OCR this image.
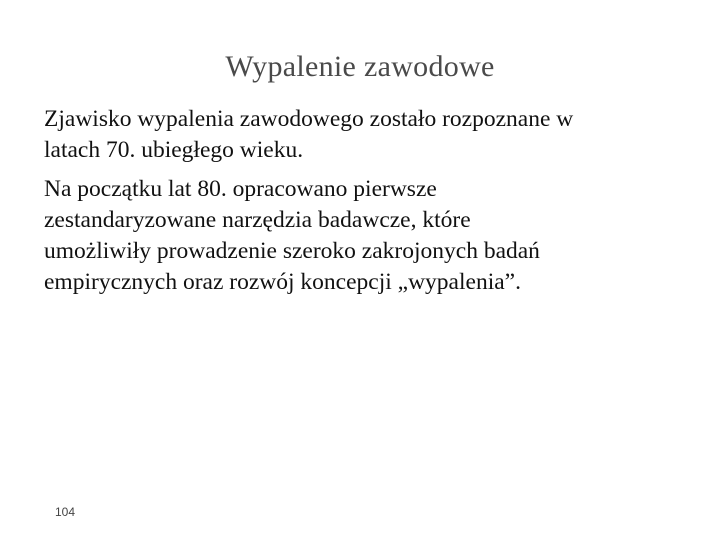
Wypalenie zawodowe

Zjawisko wypalenia zawodowego zostało rozpoznane w
latach 70. ubiegłego wieku.

Na początku lat 80. opracowano pierwsze
zestandaryzowane narzędzia badawcze, które
umożliwiły prowadzenie szeroko zakrojonych badań
empirycznych oraz rozwój koncepcji „wypalenia”.

104
